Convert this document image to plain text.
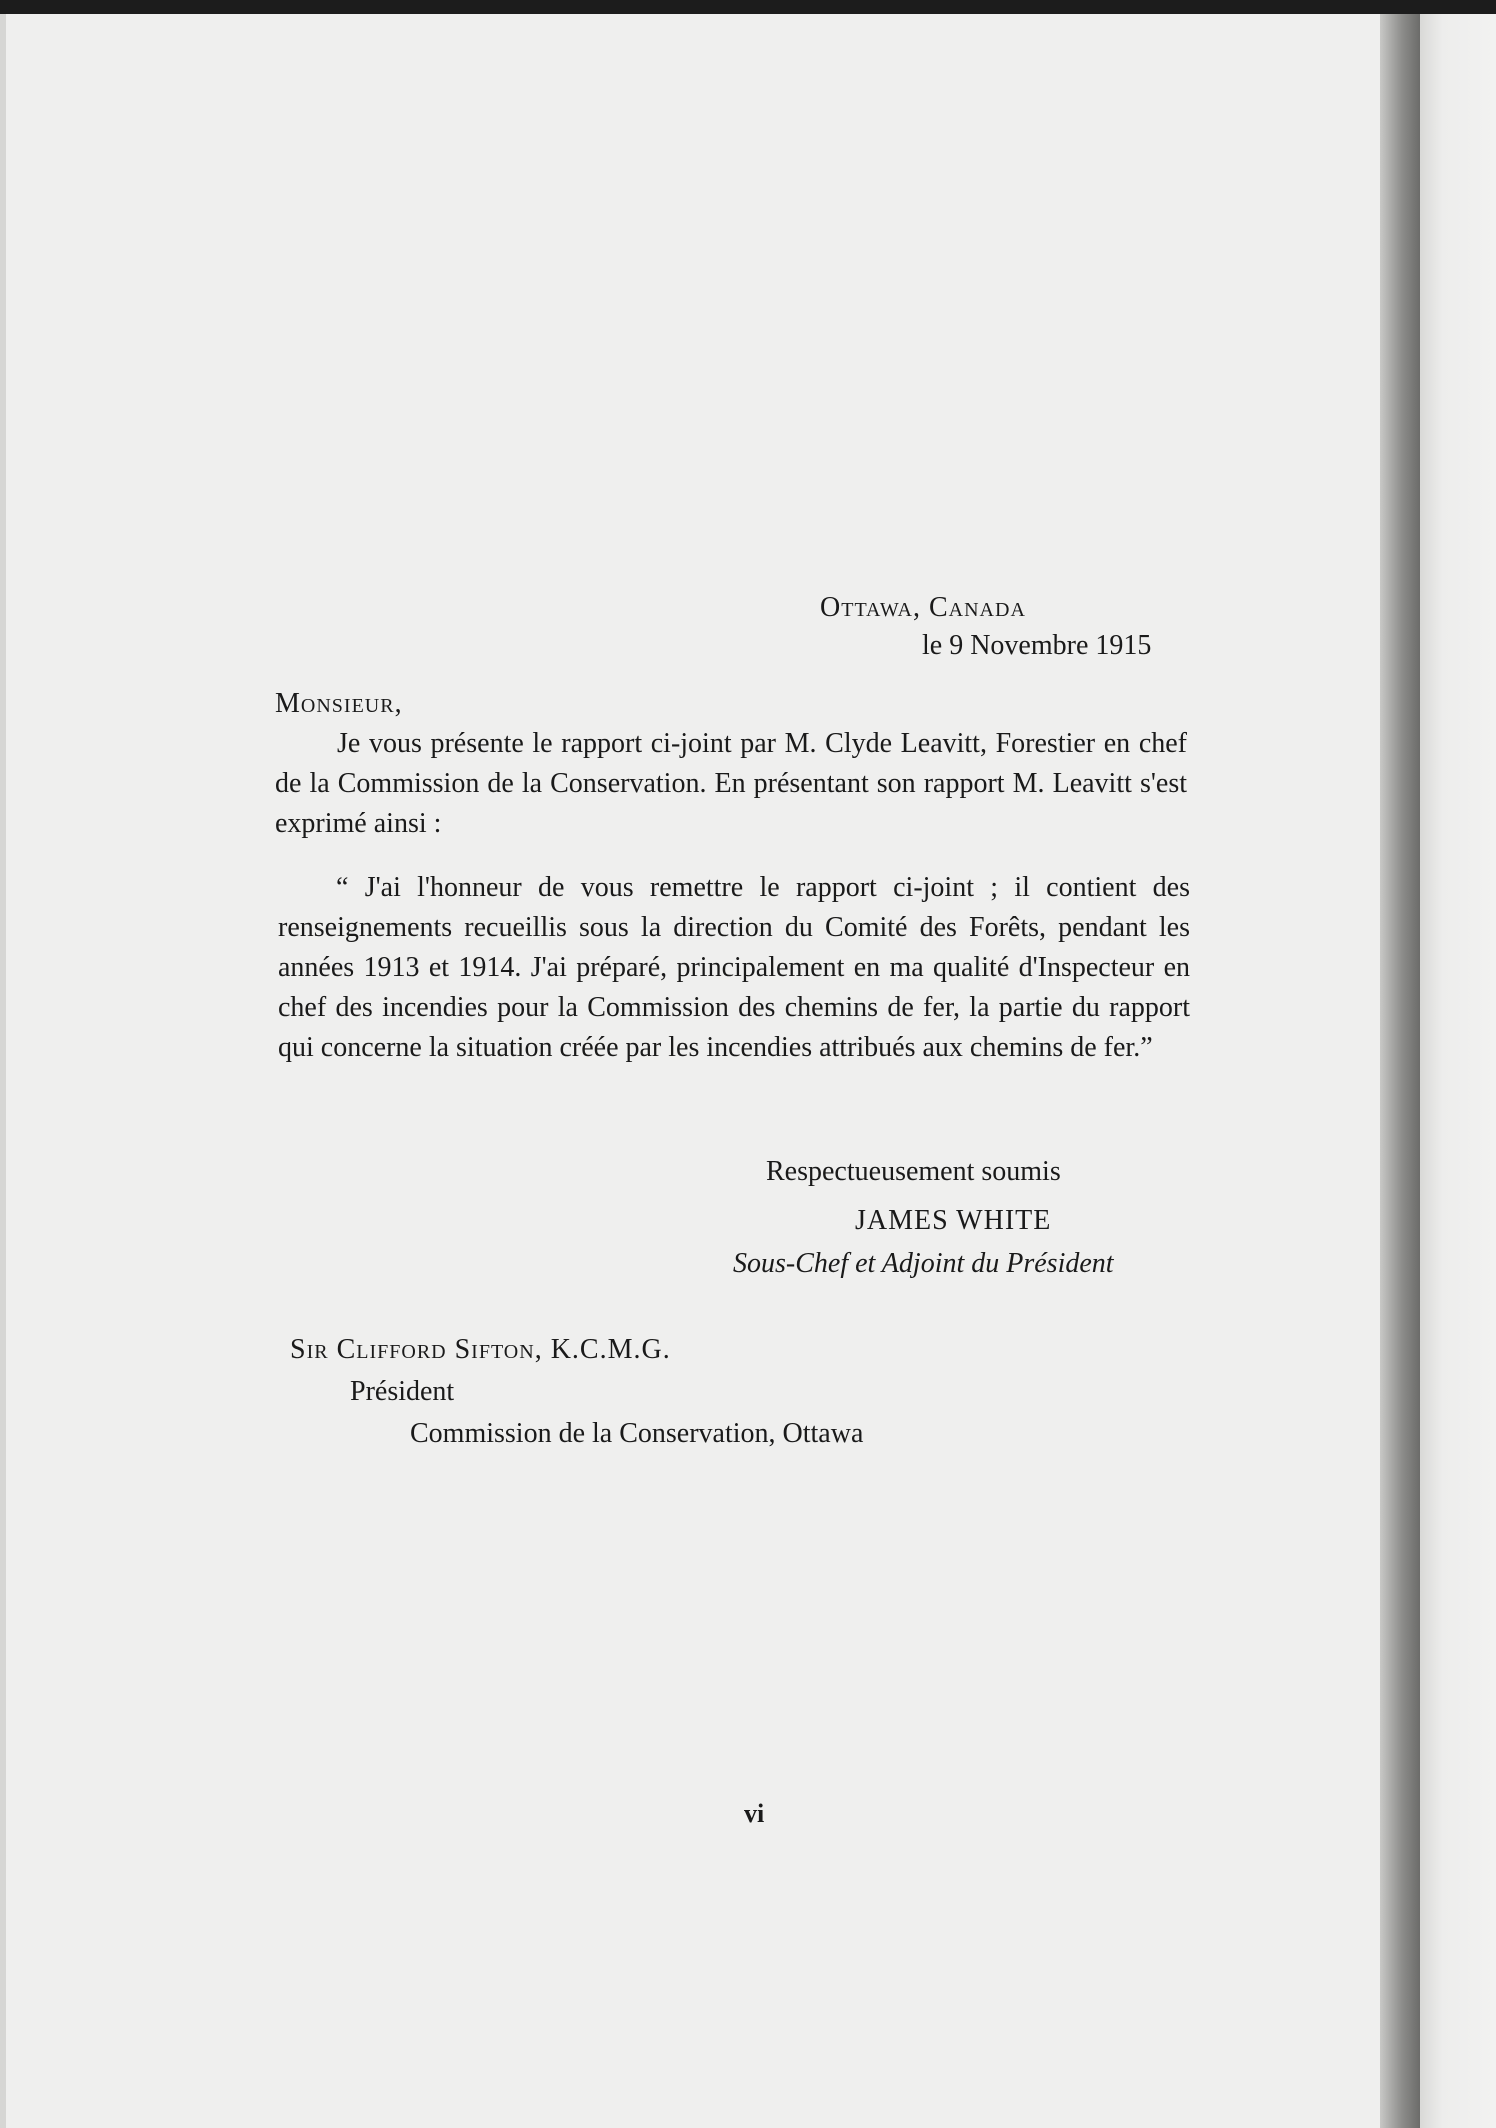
Ottawa, Canada
le 9 Novembre 1915
Monsieur,
Je vous présente le rapport ci-joint par M. Clyde Leavitt, Forestier en chef de la Commission de la Conservation. En présentant son rapport M. Leavitt s'est exprimé ainsi :
“ J'ai l'honneur de vous remettre le rapport ci-joint ; il contient des renseignements recueillis sous la direction du Comité des Forêts, pendant les années 1913 et 1914. J'ai préparé, principalement en ma qualité d'Inspecteur en chef des incendies pour la Commission des chemins de fer, la partie du rapport qui concerne la situation créée par les incendies attribués aux chemins de fer.”
Respectueusement soumis
JAMES WHITE
Sous-Chef et Adjoint du Président
Sir Clifford Sifton, K.C.M.G.
Président
Commission de la Conservation, Ottawa
vi
